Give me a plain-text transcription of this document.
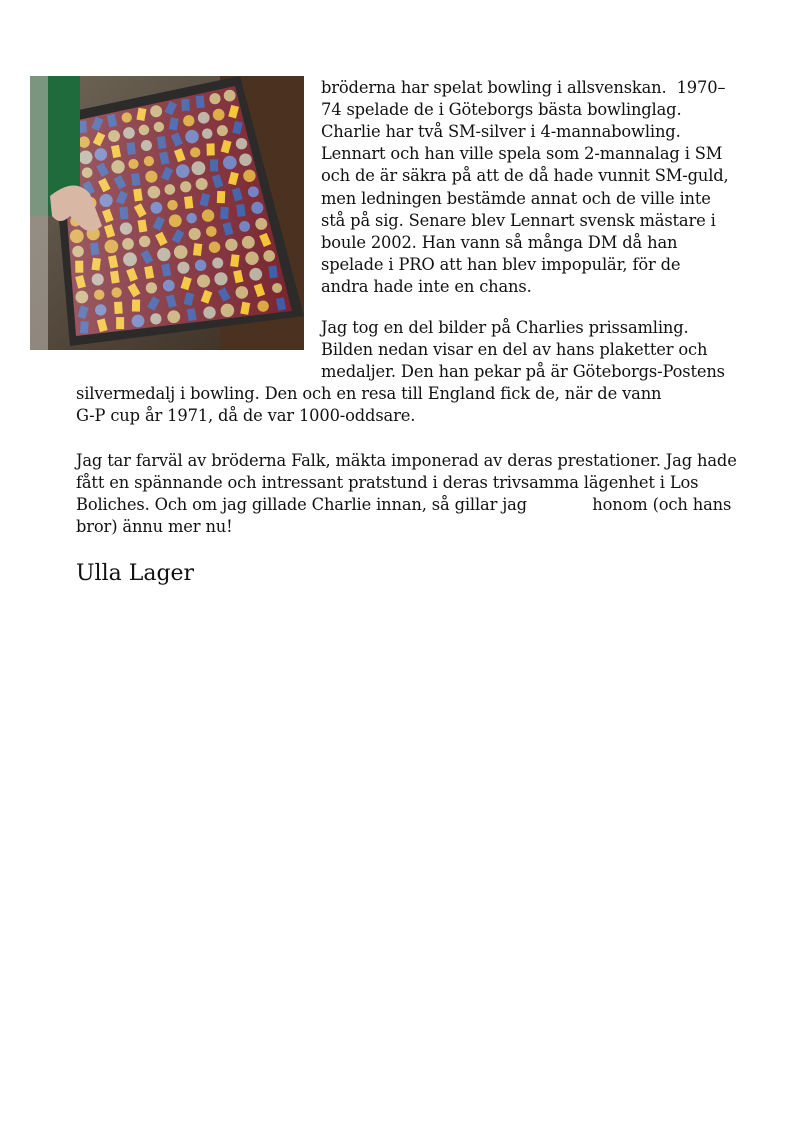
bröderna har spelat bowling i allsvenskan.  1970–
74 spelade de i Göteborgs bästa bowlinglag.
Charlie har två SM-silver i 4-mannabowling.
Lennart och han ville spela som 2-mannalag i SM
och de är säkra på att de då hade vunnit SM-guld,
men ledningen bestämde annat och de ville inte
stå på sig. Senare blev Lennart svensk mästare i
boule 2002. Han vann så många DM då han
spelade i PRO att han blev impopulär, för de
andra hade inte en chans.
Jag tog en del bilder på Charlies prissamling.
Bilden nedan visar en del av hans plaketter och
medaljer. Den han pekar på är Göteborgs-Postens
silvermedalj i bowling. Den och en resa till England fick de, när de vann
G-P cup år 1971, då de var 1000-oddsare.
Jag tar farväl av bröderna Falk, mäkta imponerad av deras prestationer. Jag hade
fått en spännande och intressant pratstund i deras trivsamma lägenhet i Los
Boliches. Och om jag gillade Charlie innan, så gillar jag             honom (och hans
bror) ännu mer nu!
Ulla Lager
